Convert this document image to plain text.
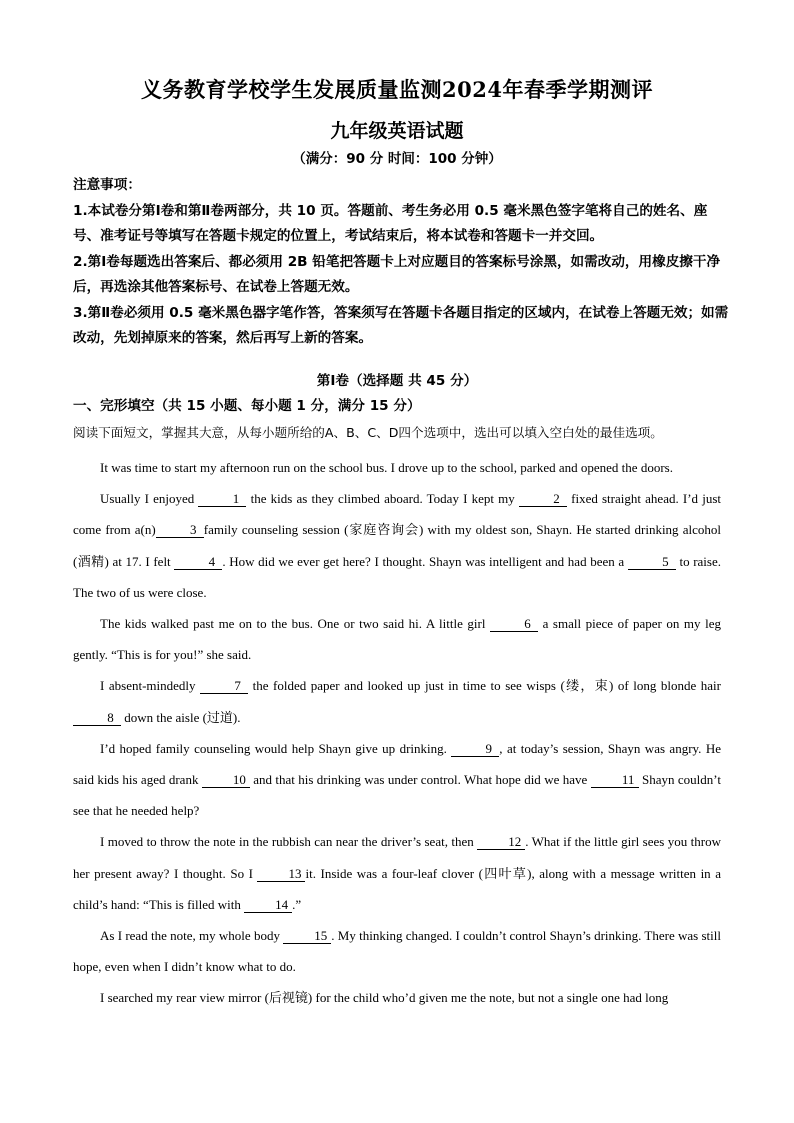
义务教育学校学生发展质量监测2024年春季学期测评
九年级英语试题
（满分：90 分 时间：100 分钟）

注意事项：

1.本试卷分第Ⅰ卷和第Ⅱ卷两部分，共 10 页。答题前、考生务必用 0.5 毫米黑色签字笔将自己的姓名、座号、准考证号等填写在答题卡规定的位置上，考试结束后，将本试卷和答题卡一并交回。

2.第Ⅰ卷每题选出答案后、都必须用 2B 铅笔把答题卡上对应题目的答案标号涂黑，如需改动，用橡皮擦干净后，再选涂其他答案标号、在试卷上答题无效。

3.第Ⅱ卷必须用 0.5 毫米黑色器字笔作答，答案须写在答题卡各题目指定的区域内，在试卷上答题无效；如需改动，先划掉原来的答案，然后再写上新的答案。

第Ⅰ卷（选择题 共 45 分）
一、完形填空（共 15 小题、每小题 1 分，满分 15 分）
阅读下面短文，掌握其大意，从每小题所给的A、B、C、D四个选项中，选出可以填入空白处的最佳选项。

It was time to start my afternoon run on the school bus. I drove up to the school, parked and opened the doors.

Usually I enjoyed	1 the kids as they climbed aboard. Today I kept my	2 fixed straight ahead. I’d just come from a(n)	3 family counseling session (家庭咨询会) with my oldest son, Shayn. He started drinking alcohol (酒精) at 17. I felt	4 . How did we ever get here? I thought. Shayn was intelligent and had been a	5 to raise. The two of us were close.

The kids walked past me on to the bus. One or two said hi. A little girl	6 a small piece of paper on my leg gently. “This is for you!” she said.

I absent-mindedly	7 the folded paper and looked up just in time to see wisps (缕，束) of long blonde hair 8 down the aisle (过道).

I’d hoped family counseling would help Shayn give up drinking.	9 , at today’s session, Shayn was angry. He said kids his aged drank 10 and that his drinking was under control. What hope did we have 11 Shayn couldn’t see that he needed help?

I moved to throw the note in the rubbish can near the driver’s seat, then 12 . What if the little girl sees you throw her present away? I thought. So I 13 it. Inside was a four-leaf clover (四叶草), along with a message written in a child’s hand: “This is filled with 14 .”

As I read the note, my whole body 15 . My thinking changed. I couldn’t control Shayn’s drinking. There was still hope, even when I didn’t know what to do.

I searched my rear view mirror (后视镜) for the child who’d given me the note, but not a single one had long
